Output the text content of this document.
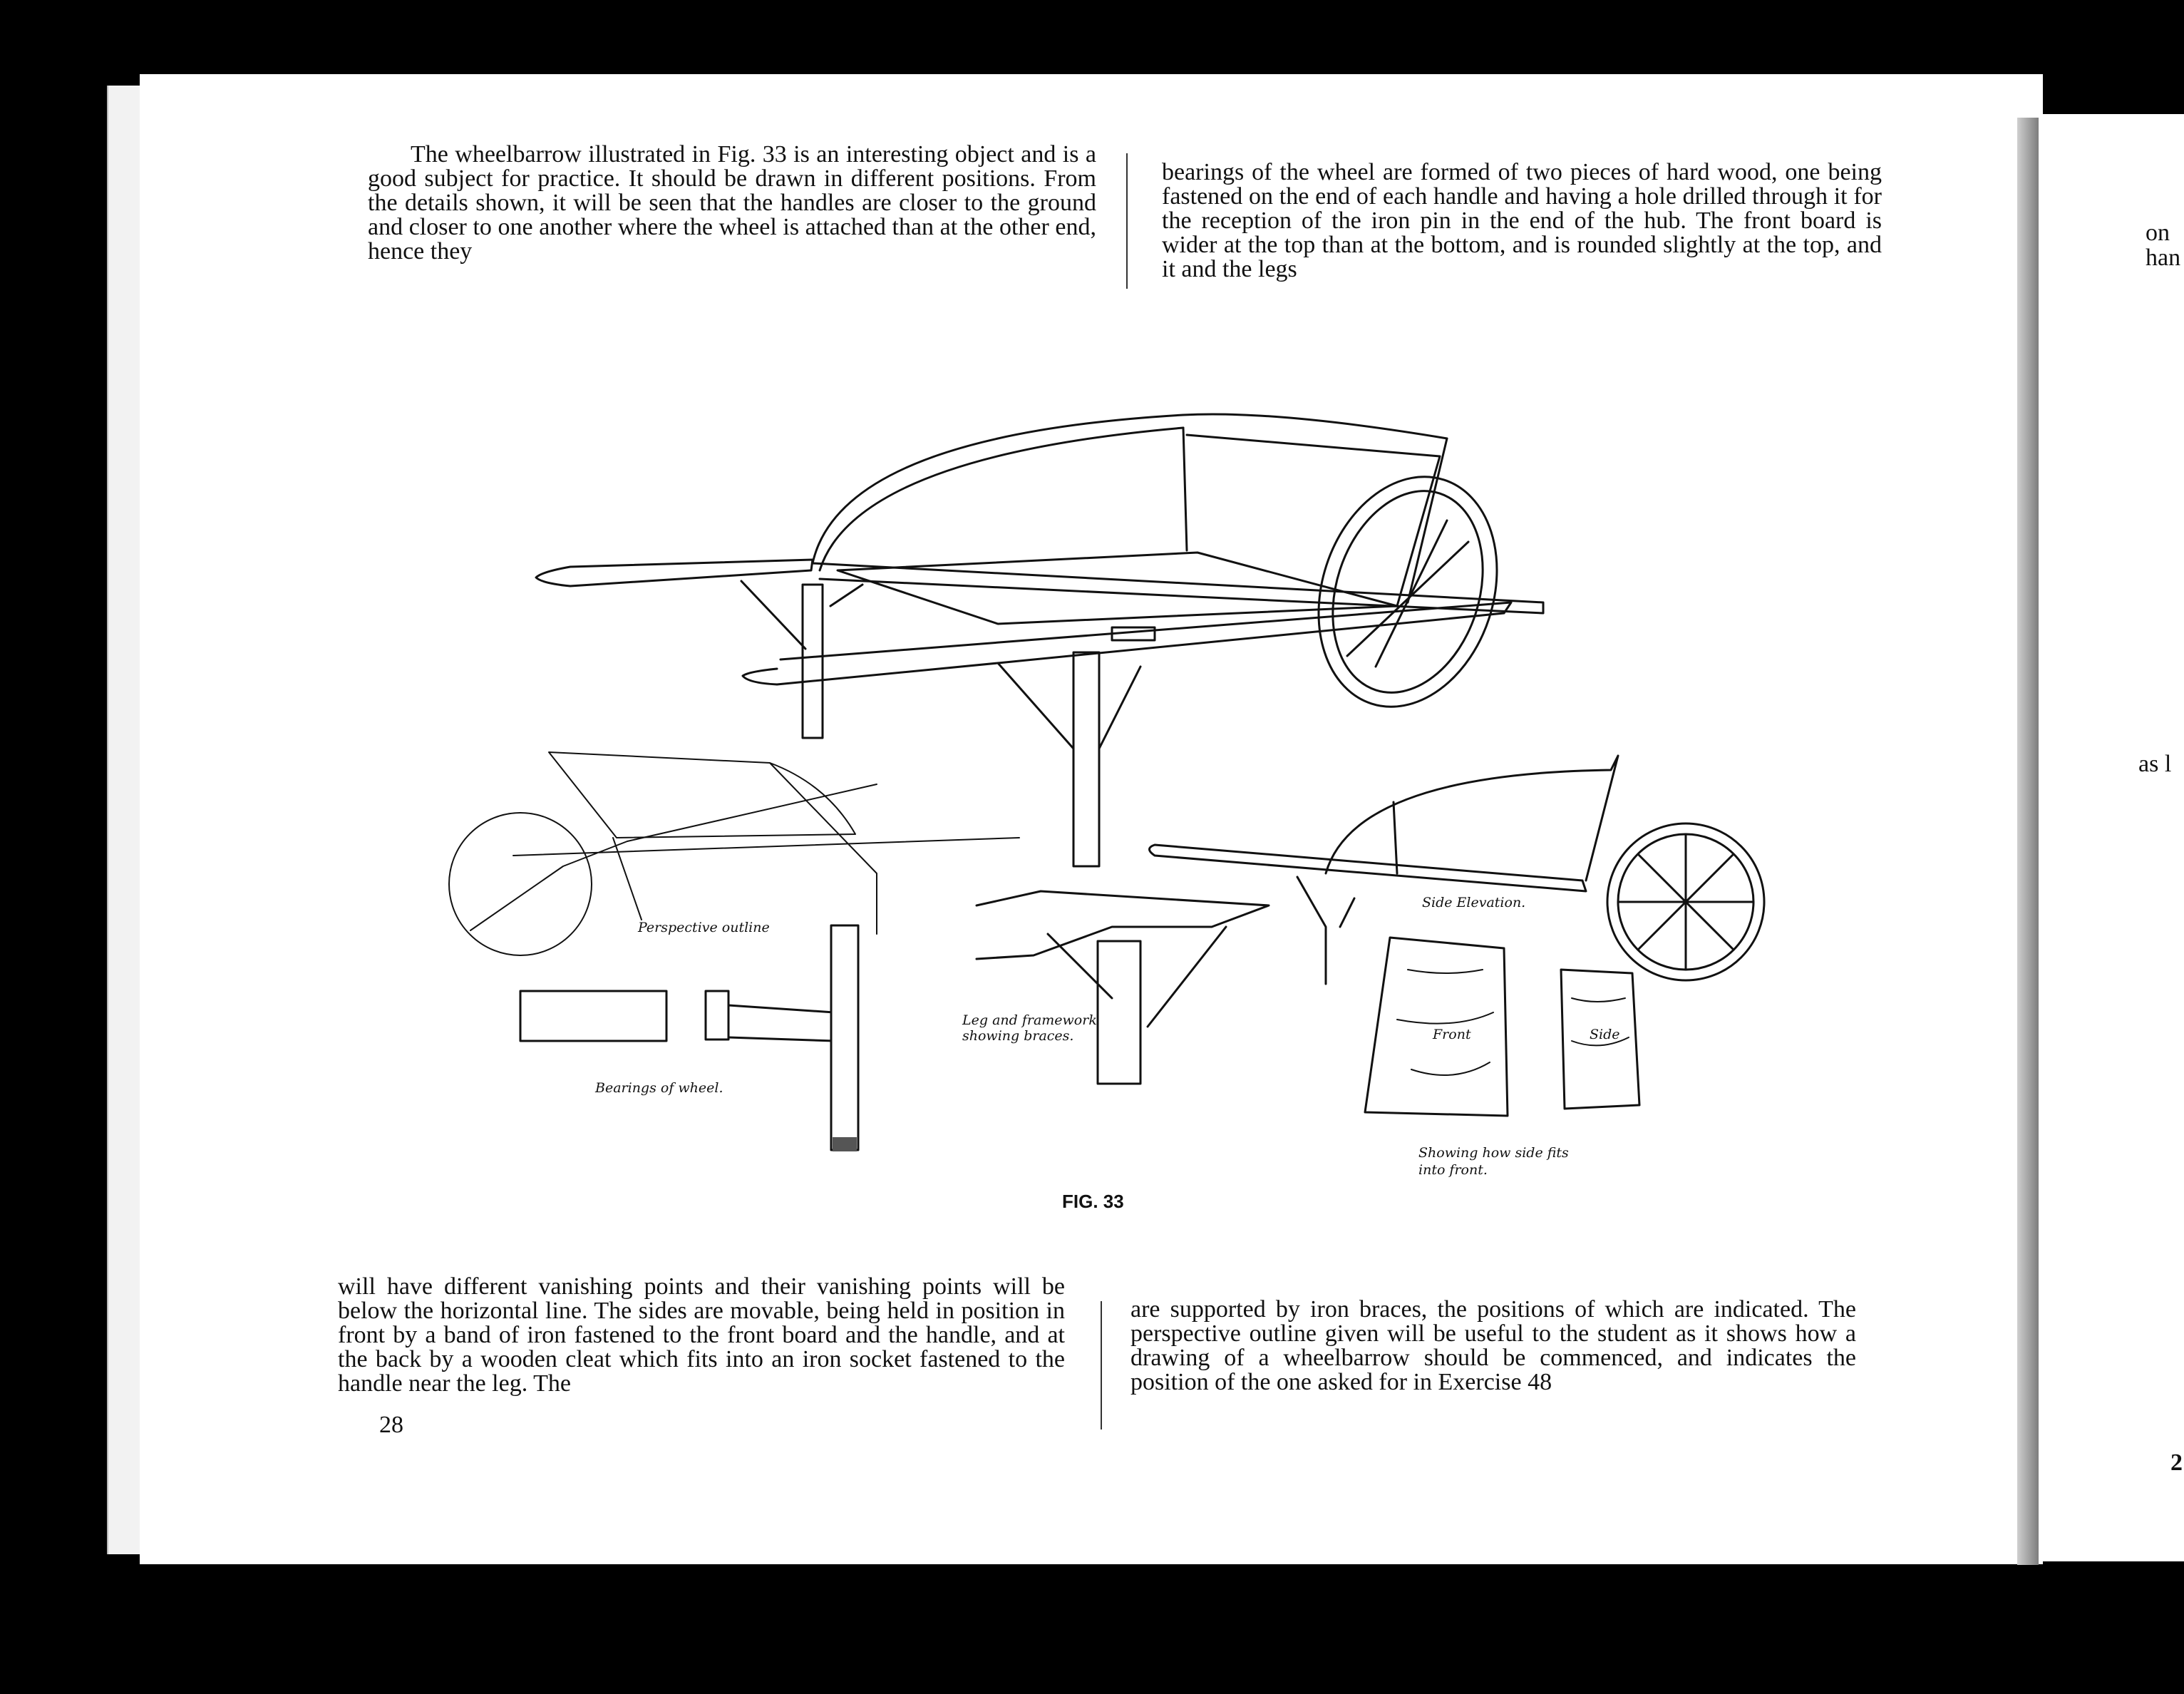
The wheelbarrow illustrated in Fig. 33 is an interesting object and is a good subject for practice. It should be drawn in different positions. From the details shown, it will be seen that the handles are closer to the ground and closer to one another where the wheel is attached than at the other end, hence they

bearings of the wheel are formed of two pieces of hard wood, one being fastened on the end of each handle and having a hole drilled through it for the reception of the iron pin in the end of the hub. The front board is wider at the top than at the bottom, and is rounded slightly at the top, and it and the legs

will have different vanishing points and their vanishing points will be below the horizontal line. The sides are movable, being held in position in front by a band of iron fastened to the front board and the handle, and at the back by a wooden cleat which fits into an iron socket fastened to the handle near the leg. The

are supported by iron braces, the positions of which are indicated. The perspective outline given will be useful to the student as it shows how a drawing of a wheelbarrow should be commenced, and indicates the position of the one asked for in Exercise 48

28
Perspective outline
Bearings of wheel.
Leg and framework showing braces.
Side Elevation.
Front	Side
Showing how side fits into front.
FIG. 33
on
han
as l
2
